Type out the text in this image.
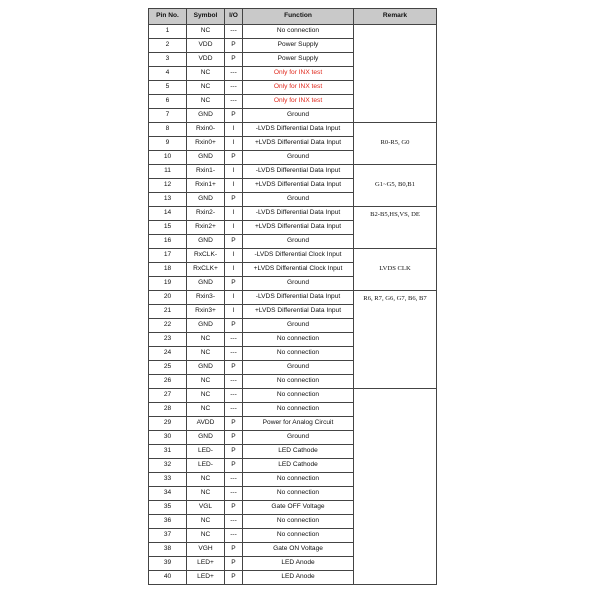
Pin No.	Symbol	I/O	Function	Remark
1	NC	---	No connection	
2	VDD	P	Power Supply	
3	VDD	P	Power Supply	
4	NC	---	Only for INX test	
5	NC	---	Only for INX test	
6	NC	---	Only for INX test	
7	GND	P	Ground	
8	Rxin0-	I	-LVDS Differential Data Input	R0-R5, G0
9	Rxin0+	I	+LVDS Differential Data Input	
10	GND	P	Ground	
11	Rxin1-	I	-LVDS Differential Data Input	G1~G5, B0,B1
12	Rxin1+	I	+LVDS Differential Data Input	
13	GND	P	Ground	
14	Rxin2-	I	-LVDS Differential Data Input	B2-B5,HS,VS, DE
15	Rxin2+	I	+LVDS Differential Data Input	
16	GND	P	Ground	
17	RxCLK-	I	-LVDS Differential Clock Input	LVDS CLK
18	RxCLK+	I	+LVDS Differential Clock Input	
19	GND	P	Ground	
20	Rxin3-	I	-LVDS Differential Data Input	R6, R7, G6, G7, B6, B7
21	Rxin3+	I	+LVDS Differential Data Input	
22	GND	P	Ground	
23	NC	---	No connection	
24	NC	---	No connection	
25	GND	P	Ground	
26	NC	---	No connection	
27	NC	---	No connection	
28	NC	---	No connection	
29	AVDD	P	Power for Analog Circuit	
30	GND	P	Ground	
31	LED-	P	LED Cathode	
32	LED-	P	LED Cathode	
33	NC	---	No connection	
34	NC	---	No connection	
35	VGL	P	Gate OFF Voltage	
36	NC	---	No connection	
37	NC	---	No connection	
38	VGH	P	Gate ON Voltage	
39	LED+	P	LED Anode	
40	LED+	P	LED Anode	
